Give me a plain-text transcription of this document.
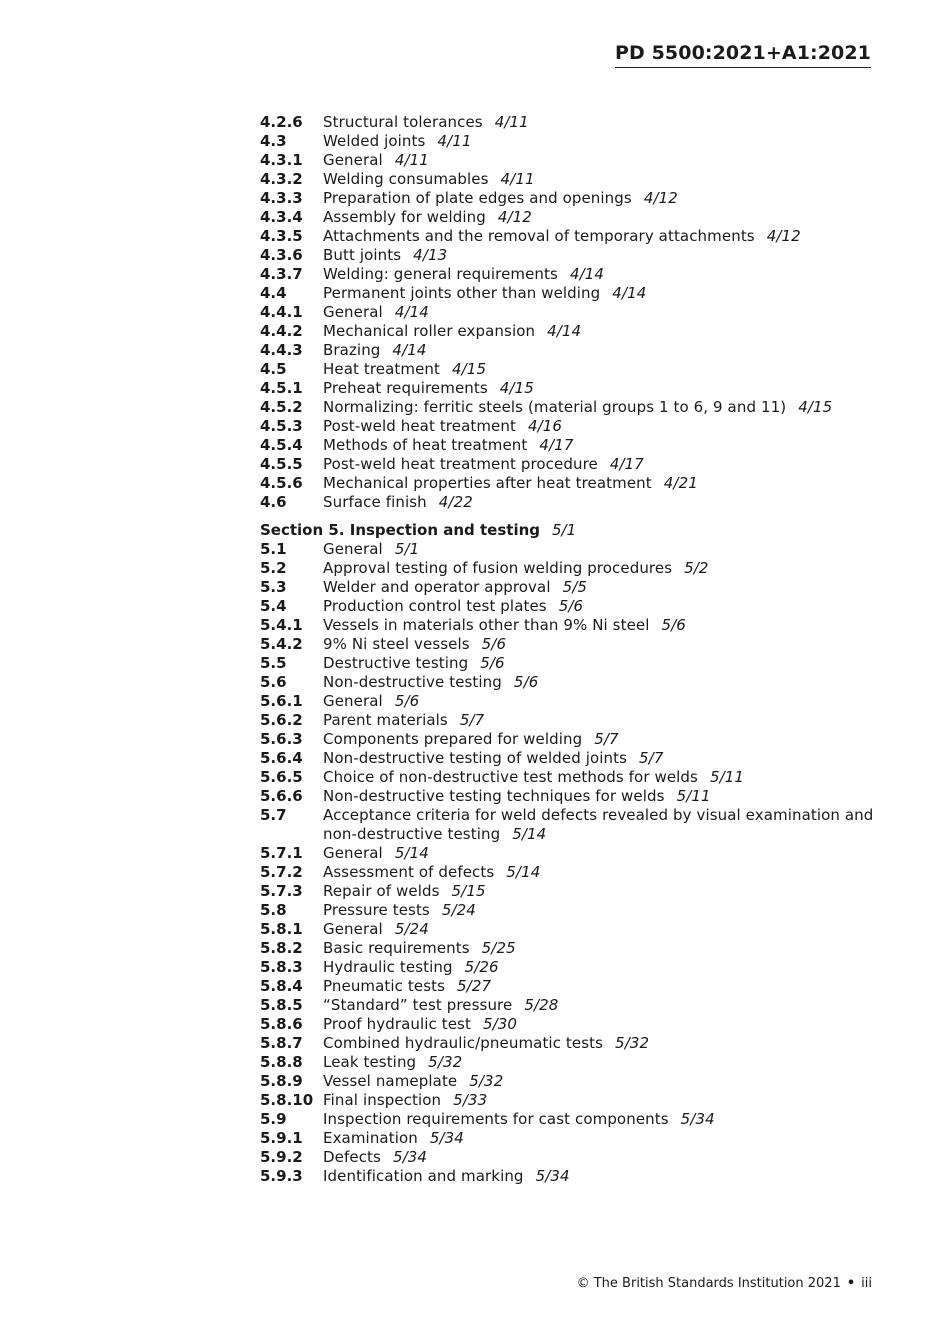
PD 5500:2021+A1:2021
4.2.6	Structural tolerances 4/11
4.3	Welded joints 4/11
4.3.1	General 4/11
4.3.2	Welding consumables 4/11
4.3.3	Preparation of plate edges and openings 4/12
4.3.4	Assembly for welding 4/12
4.3.5	Attachments and the removal of temporary attachments 4/12
4.3.6	Butt joints 4/13
4.3.7	Welding: general requirements 4/14
4.4	Permanent joints other than welding 4/14
4.4.1	General 4/14
4.4.2	Mechanical roller expansion 4/14
4.4.3	Brazing 4/14
4.5	Heat treatment 4/15
4.5.1	Preheat requirements 4/15
4.5.2	Normalizing: ferritic steels (material groups 1 to 6, 9 and 11) 4/15
4.5.3	Post-weld heat treatment 4/16
4.5.4	Methods of heat treatment 4/17
4.5.5	Post-weld heat treatment procedure 4/17
4.5.6	Mechanical properties after heat treatment 4/21
4.6	Surface finish 4/22
Section 5. Inspection and testing 5/1
5.1	General 5/1
5.2	Approval testing of fusion welding procedures 5/2
5.3	Welder and operator approval 5/5
5.4	Production control test plates 5/6
5.4.1	Vessels in materials other than 9% Ni steel 5/6
5.4.2	9% Ni steel vessels 5/6
5.5	Destructive testing 5/6
5.6	Non-destructive testing 5/6
5.6.1	General 5/6
5.6.2	Parent materials 5/7
5.6.3	Components prepared for welding 5/7
5.6.4	Non-destructive testing of welded joints 5/7
5.6.5	Choice of non-destructive test methods for welds 5/11
5.6.6	Non-destructive testing techniques for welds 5/11
5.7	Acceptance criteria for weld defects revealed by visual examination and non-destructive testing 5/14
5.7.1	General 5/14
5.7.2	Assessment of defects 5/14
5.7.3	Repair of welds 5/15
5.8	Pressure tests 5/24
5.8.1	General 5/24
5.8.2	Basic requirements 5/25
5.8.3	Hydraulic testing 5/26
5.8.4	Pneumatic tests 5/27
5.8.5	“Standard” test pressure 5/28
5.8.6	Proof hydraulic test 5/30
5.8.7	Combined hydraulic/pneumatic tests 5/32
5.8.8	Leak testing 5/32
5.8.9	Vessel nameplate 5/32
5.8.10 Final inspection 5/33
5.9	Inspection requirements for cast components 5/34
5.9.1	Examination 5/34
5.9.2	Defects 5/34
5.9.3	Identification and marking 5/34
© The British Standards Institution 2021 • iii
